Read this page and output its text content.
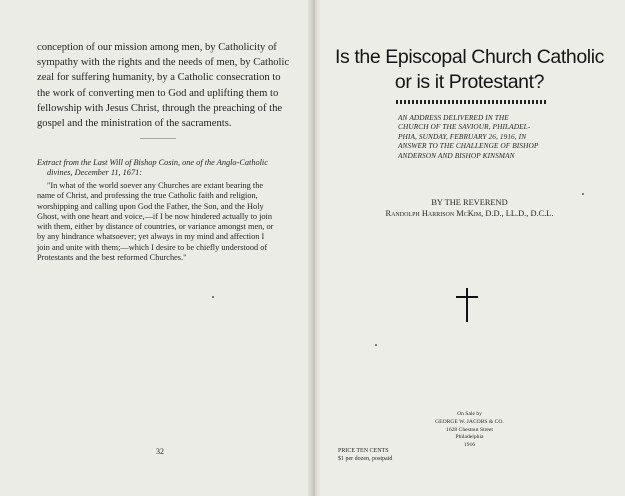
conception of our mission among men, by Catholicity of
sympathy with the rights and the needs of men, by Catholic
zeal for suffering humanity, by a Catholic consecration to
the work of converting men to God and uplifting them to
fellowship with Jesus Christ, through the preaching of the
gospel and the ministration of the sacraments.
Extract from the Last Will of Bishop Cosin, one of the Anglo-Catholic
divines, December 11, 1671:
"In what of the world soever any Churches are extant bearing the
name of Christ, and professing the true Catholic faith and religion,
worshipping and calling upon God the Father, the Son, and the Holy
Ghost, with one heart and voice,—if I be now hindered actually to join
with them, either by distance of countries, or variance amongst men, or
by any hindrance whatsoever; yet always in my mind and affection I
join and unite with them;—which I desire to be chiefly understood of
Protestants and the best reformed Churches."
32
Is the Episcopal Church Catholic
or is it Protestant?
AN ADDRESS DELIVERED IN THE
CHURCH OF THE SAVIOUR, PHILADEL-
PHIA, SUNDAY, FEBRUARY 26, 1916, IN
ANSWER TO THE CHALLENGE OF BISHOP
ANDERSON AND BISHOP KINSMAN
BY THE REVEREND
Randolph Harrison McKim, D.D., LL.D., D.C.L.
On Sale by
GEORGE W. JACOBS & CO.
1628 Chestnut Street
Philadelphia
1916
PRICE TEN CENTS
$1 per dozen, postpaid
